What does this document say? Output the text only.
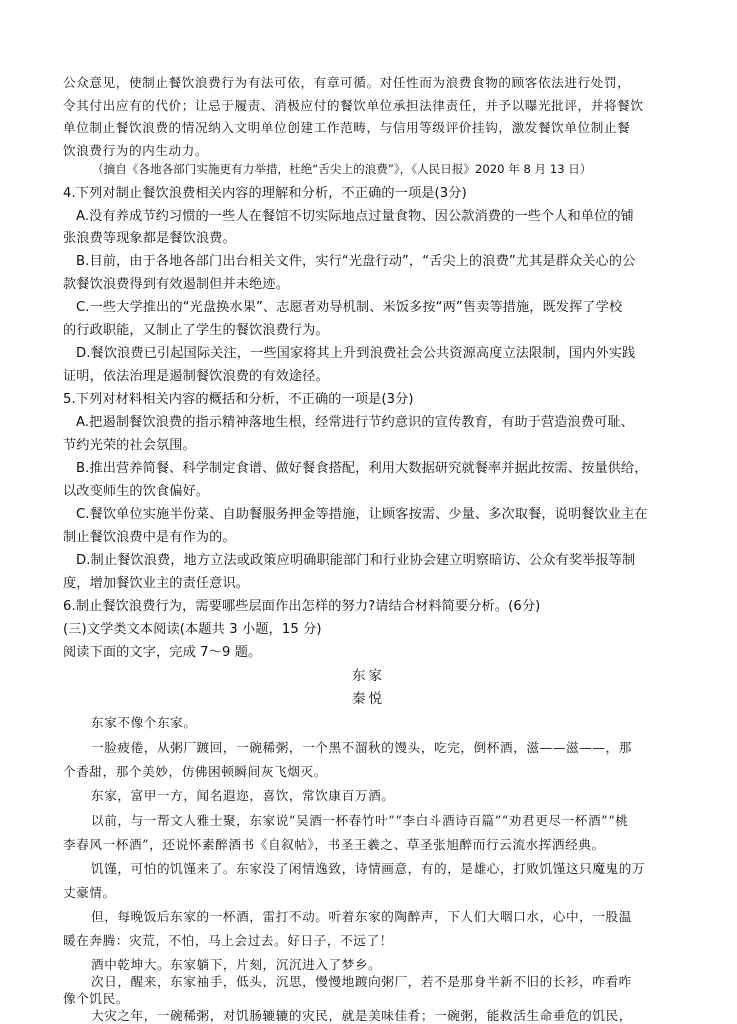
公众意见，使制止餐饮浪费行为有法可依，有章可循。对任性而为浪费食物的顾客依法进行处罚，
令其付出应有的代价；让忌于履责、消极应付的餐饮单位承担法律责任，并予以曝光批评，并将餐饮
单位制止餐饮浪费的情况纳入文明单位创建工作范畴，与信用等级评价挂钩，激发餐饮单位制止餐
饮浪费行为的内生动力。
（摘自《各地各部门实施更有力举措，杜绝“舌尖上的浪费”》，《人民日报》2020 年 8 月 13 日）
4.下列对制止餐饮浪费相关内容的理解和分析，不正确的一项是(3分)
A.没有养成节约习惯的一些人在餐馆不切实际地点过量食物、因公款消费的一些个人和单位的铺
张浪费等现象都是餐饮浪费。
B.目前，由于各地各部门出台相关文件，实行“光盘行动”，“舌尖上的浪费”尤其是群众关心的公
款餐饮浪费得到有效遏制但并未绝迹。
C.一些大学推出的“光盘换水果”、志愿者劝导机制、米饭多按“两”售卖等措施，既发挥了学校
的行政职能，又制止了学生的餐饮浪费行为。
D.餐饮浪费已引起国际关注，一些国家将其上升到浪费社会公共资源高度立法限制，国内外实践
证明，依法治理是遏制餐饮浪费的有效途径。
5.下列对材料相关内容的概括和分析，不正确的一项是(3分)
A.把遏制餐饮浪费的指示精神落地生根，经常进行节约意识的宣传教育，有助于营造浪费可耻、
节约光荣的社会氛围。
B.推出营养简餐、科学制定食谱、做好餐食搭配，利用大数据研究就餐率并据此按需、按量供给，
以改变师生的饮食偏好。
C.餐饮单位实施半份菜、自助餐服务押金等措施，让顾客按需、少量、多次取餐，说明餐饮业主在
制止餐饮浪费中是有作为的。
D.制止餐饮浪费，地方立法或政策应明确职能部门和行业协会建立明察暗访、公众有奖举报等制
度，增加餐饮业主的责任意识。
6.制止餐饮浪费行为，需要哪些层面作出怎样的努力?请结合材料简要分析。(6分)
(三)文学类文本阅读(本题共 3 小题，15 分)
阅读下面的文字，完成 7～9 题。
东家
秦悦
东家不像个东家。
一脸疲倦，从粥厂踱回，一碗稀粥，一个黑不溜秋的馒头，吃完，倒杯酒，滋——滋——，那
个香甜，那个美妙，仿佛困顿瞬间灰飞烟灭。
东家，富甲一方，闻名遐迩，喜饮，常饮康百万酒。
以前，与一帮文人雅士聚，东家说“吴酒一杯春竹叶”“李白斗酒诗百篇”“劝君更尽一杯酒”“桃
李春风一杯酒”，还说怀素醉酒书《自叙帖》，书圣王羲之、草圣张旭醉而行云流水挥洒经典。
饥馑，可怕的饥馑来了。东家没了闲情逸致，诗情画意，有的，是雄心，打败饥馑这只魔鬼的万
丈豪情。
但，每晚饭后东家的一杯酒，雷打不动。听着东家的陶醉声，下人们大咽口水，心中，一股温
暖在奔腾：灾荒，不怕，马上会过去。好日子，不远了！
酒中乾坤大。东家躺下，片刻，沉沉进入了梦乡。
次日，醒来，东家袖手，低头，沉思，慢慢地踱向粥厂，若不是那身半新不旧的长衫，咋看咋
像个饥民。
大灾之年，一碗稀粥，对饥肠辘辘的灾民，就是美味佳肴；一碗粥，能救活生命垂危的饥民，
